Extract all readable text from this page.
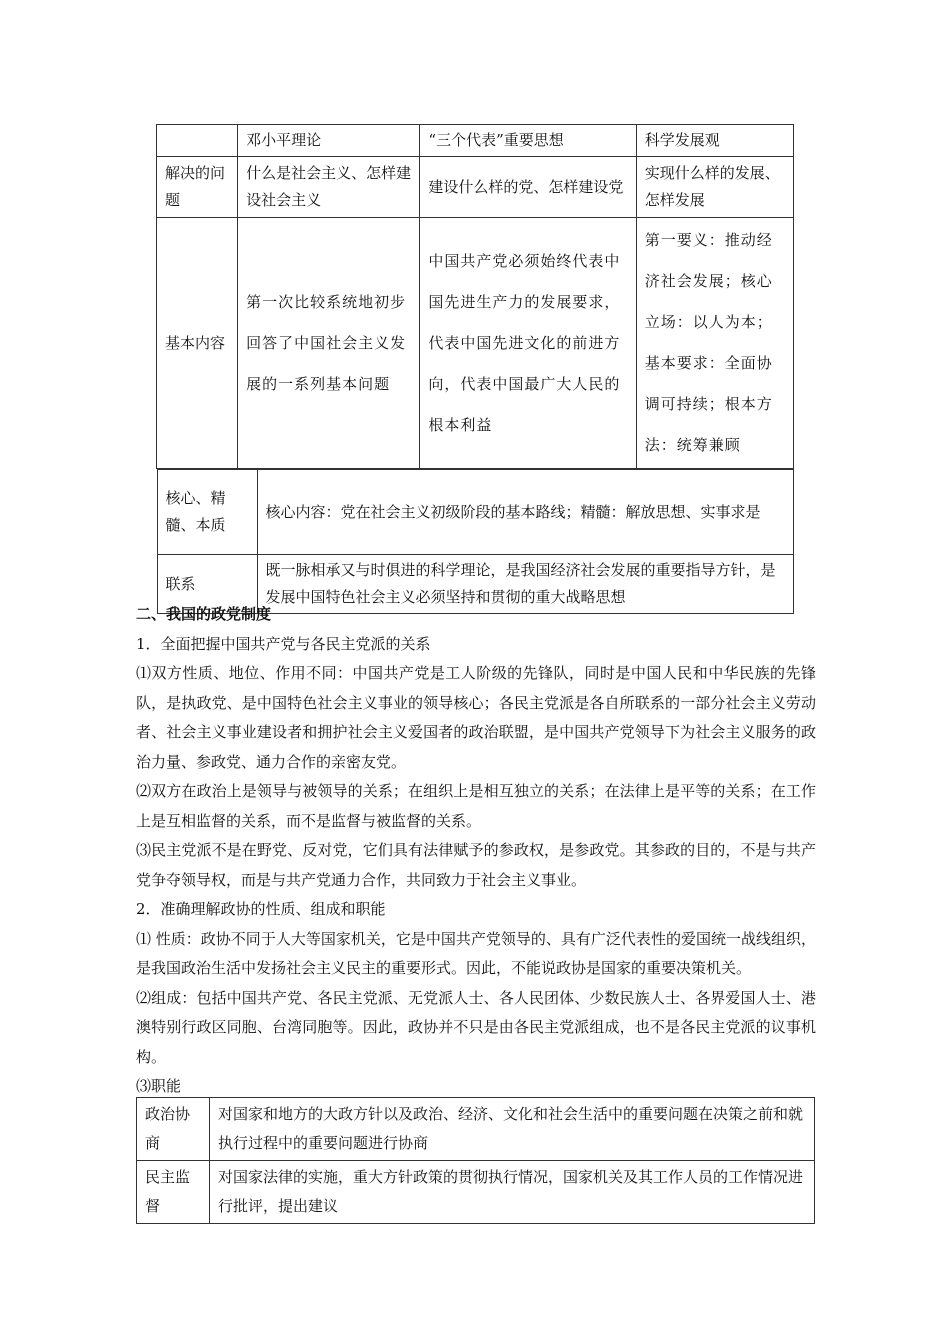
	邓小平理论	“三个代表”重要思想	科学发展观
解决的问题	什么是社会主义、怎样建设社会主义	建设什么样的党、怎样建设党	实现什么样的发展、怎样发展
基本内容	第一次比较系统地初步回答了中国社会主义发展的一系列基本问题	中国共产党必须始终代表中国先进生产力的发展要求，代表中国先进文化的前进方向，代表中国最广大人民的根本利益	第一要义：推动经济社会发展；核心立场：以人为本；基本要求：全面协调可持续；根本方法：统筹兼顾

核心、精髓、本质	核心内容：党在社会主义初级阶段的基本路线；精髓：解放思想、实事求是
联系	既一脉相承又与时俱进的科学理论，是我国经济社会发展的重要指导方针，是发展中国特色社会主义必须坚持和贯彻的重大战略思想

二、我国的政党制度

1．全面把握中国共产党与各民主党派的关系

⑴双方性质、地位、作用不同：中国共产党是工人阶级的先锋队，同时是中国人民和中华民族的先锋队，是执政党、是中国特色社会主义事业的领导核心；各民主党派是各自所联系的一部分社会主义劳动者、社会主义事业建设者和拥护社会主义爱国者的政治联盟，是中国共产党领导下为社会主义服务的政治力量、参政党、通力合作的亲密友党。

⑵双方在政治上是领导与被领导的关系；在组织上是相互独立的关系；在法律上是平等的关系；在工作上是互相监督的关系，而不是监督与被监督的关系。

⑶民主党派不是在野党、反对党，它们具有法律赋予的参政权，是参政党。其参政的目的，不是与共产党争夺领导权，而是与共产党通力合作，共同致力于社会主义事业。

2．准确理解政协的性质、组成和职能

⑴ 性质：政协不同于人大等国家机关，它是中国共产党领导的、具有广泛代表性的爱国统一战线组织，是我国政治生活中发扬社会主义民主的重要形式。因此，不能说政协是国家的重要决策机关。

⑵组成：包括中国共产党、各民主党派、无党派人士、各人民团体、少数民族人士、各界爱国人士、港澳特别行政区同胞、台湾同胞等。因此，政协并不只是由各民主党派组成，也不是各民主党派的议事机构。

⑶职能

政治协商	对国家和地方的大政方针以及政治、经济、文化和社会生活中的重要问题在决策之前和就执行过程中的重要问题进行协商
民主监督	对国家法律的实施，重大方针政策的贯彻执行情况，国家机关及其工作人员的工作情况进行批评，提出建议
